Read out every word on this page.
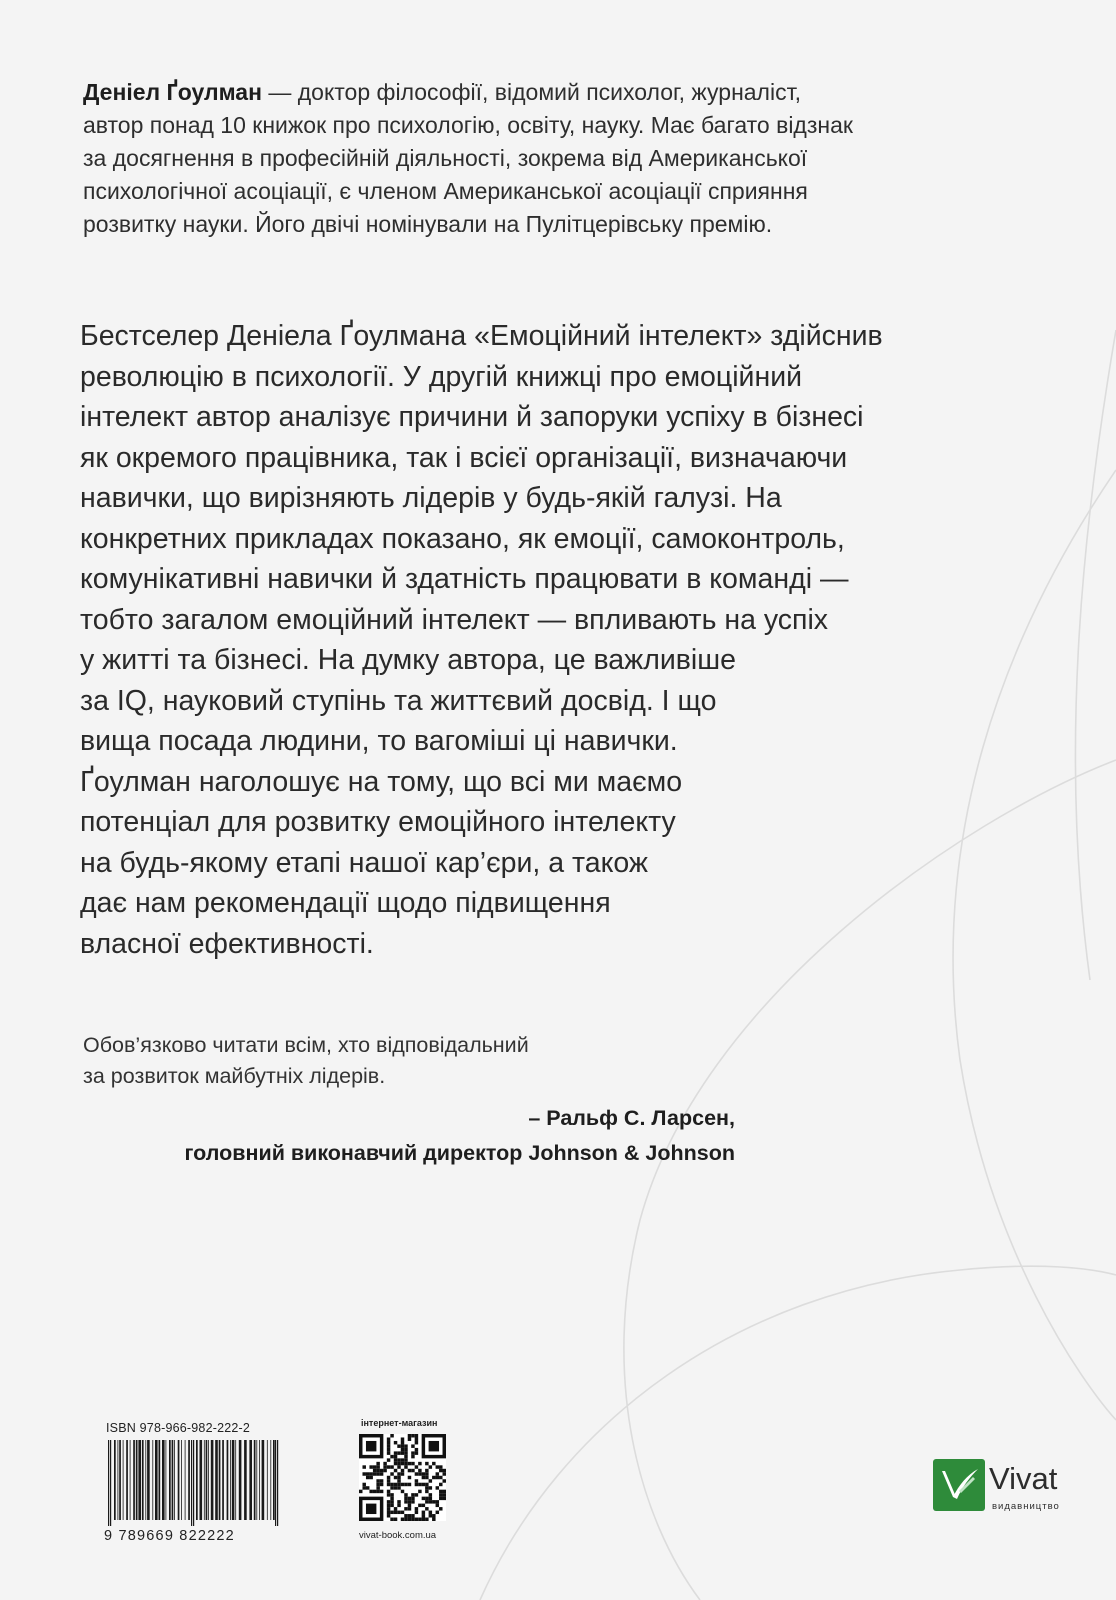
Деніел Ґоулман — доктор філософії, відомий психолог, журналіст,
автор понад 10 книжок про психологію, освіту, науку. Має багато відзнак
за досягнення в професійній діяльності, зокрема від Американської
психологічної асоціації, є членом Американської асоціації сприяння
розвитку науки. Його двічі номінували на Пулітцерівську премію.
Бестселер Деніела Ґоулмана «Емоційний інтелект» здійснив
революцію в психології. У другій книжці про емоційний
інтелект автор аналізує причини й запоруки успіху в бізнесі
як окремого працівника, так і всієї організації, визначаючи
навички, що вирізняють лідерів у будь-якій галузі. На
конкретних прикладах показано, як емоції, самоконтроль,
комунікативні навички й здатність працювати в команді —
тобто загалом емоційний інтелект — впливають на успіх
у житті та бізнесі. На думку автора, це важливіше
за IQ, науковий ступінь та життєвий досвід. І що
вища посада людини, то вагоміші ці навички.
Ґоулман наголошує на тому, що всі ми маємо
потенціал для розвитку емоційного інтелекту
на будь-якому етапі нашої кар’єри, а також
дає нам рекомендації щодо підвищення
власної ефективності.
Обов’язково читати всім, хто відповідальний
за розвиток майбутніх лідерів.
– Ральф С. Ларсен,
головний виконавчий директор Johnson & Johnson
ISBN 978-966-982-222-2
9 789669 822222
інтернет-магазин
vivat-book.com.ua
Vivat
видавництво
